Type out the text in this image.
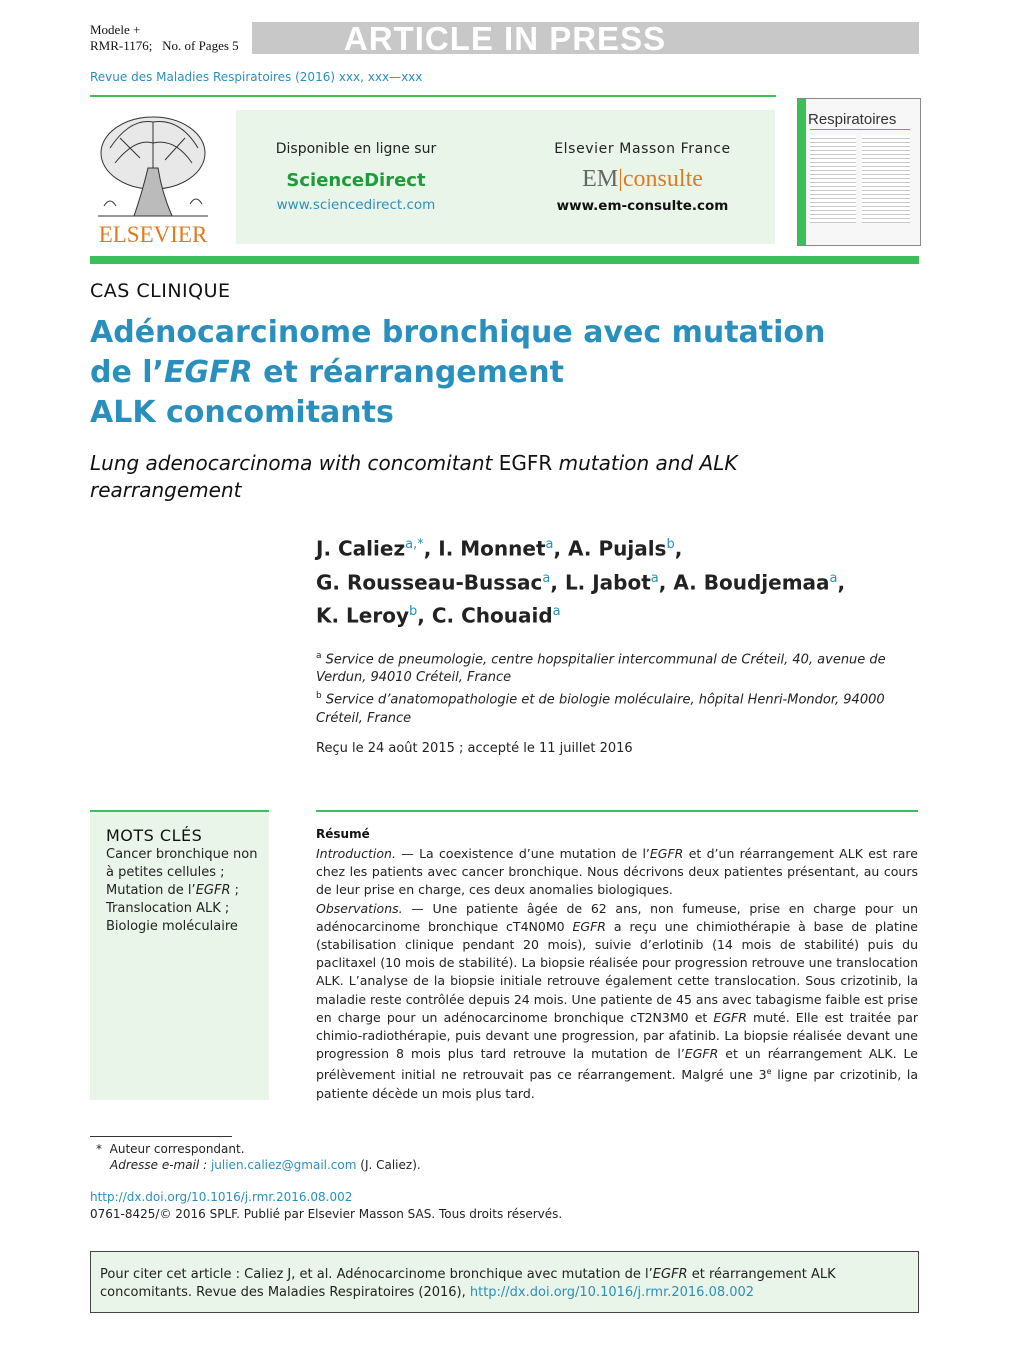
Modele +
RMR-1176; No. of Pages 5	ARTICLE IN PRESS
Revue des Maladies Respiratoires (2016) xxx, xxx—xxx
ELSEVIER
Disponible en ligne sur
ScienceDirect
www.sciencedirect.com
Elsevier Masson France
EM|consulte
www.em-consulte.com
Respiratoires
CAS CLINIQUE
Adénocarcinome bronchique avec mutation
de l’EGFR et réarrangement
ALK concomitants
Lung adenocarcinoma with concomitant EGFR mutation and ALK
rearrangement
J. Caliez$^{a,*}$, I. Monnet$^a$, A. Pujals$^b$,
G. Rousseau-Bussac$^a$, L. Jabot$^a$, A. Boudjemaa$^a$,
K. Leroy$^b$, C. Chouaid$^a$
$^a$ Service de pneumologie, centre hopspitalier intercommunal de Créteil, 40, avenue de Verdun, 94010 Créteil, France
$^b$ Service d’anatomopathologie et de biologie moléculaire, hôpital Henri-Mondor, 94000 Créteil, France
Reçu le 24 août 2015 ; accepté le 11 juillet 2016
MOTS CLÉS
Cancer bronchique non à petites cellules ;
Mutation de l’EGFR ;
Translocation ALK ;
Biologie moléculaire
Résumé
Introduction. — La coexistence d’une mutation de l’EGFR et d’un réarrangement ALK est rare chez les patients avec cancer bronchique. Nous décrivons deux patientes présentant, au cours de leur prise en charge, ces deux anomalies biologiques.
Observations. — Une patiente âgée de 62 ans, non fumeuse, prise en charge pour un adénocarcinome bronchique cT4N0M0 EGFR a reçu une chimiothérapie à base de platine (stabilisation clinique pendant 20 mois), suivie d’erlotinib (14 mois de stabilité) puis du paclitaxel (10 mois de stabilité). La biopsie réalisée pour progression retrouve une translocation ALK. L’analyse de la biopsie initiale retrouve également cette translocation. Sous crizotinib, la maladie reste contrôlée depuis 24 mois. Une patiente de 45 ans avec tabagisme faible est prise en charge pour un adénocarcinome bronchique cT2N3M0 et EGFR muté. Elle est traitée par chimio-radiothérapie, puis devant une progression, par afatinib. La biopsie réalisée devant une progression 8 mois plus tard retrouve la mutation de l’EGFR et un réarrangement ALK. Le prélèvement initial ne retrouvait pas ce réarrangement. Malgré une 3e ligne par crizotinib, la patiente décède un mois plus tard.
* Auteur correspondant.
Adresse e-mail : julien.caliez@gmail.com (J. Caliez).
http://dx.doi.org/10.1016/j.rmr.2016.08.002
0761-8425/© 2016 SPLF. Publié par Elsevier Masson SAS. Tous droits réservés.
Pour citer cet article : Caliez J, et al. Adénocarcinome bronchique avec mutation de l’EGFR et réarrangement ALK concomitants. Revue des Maladies Respiratoires (2016), http://dx.doi.org/10.1016/j.rmr.2016.08.002
